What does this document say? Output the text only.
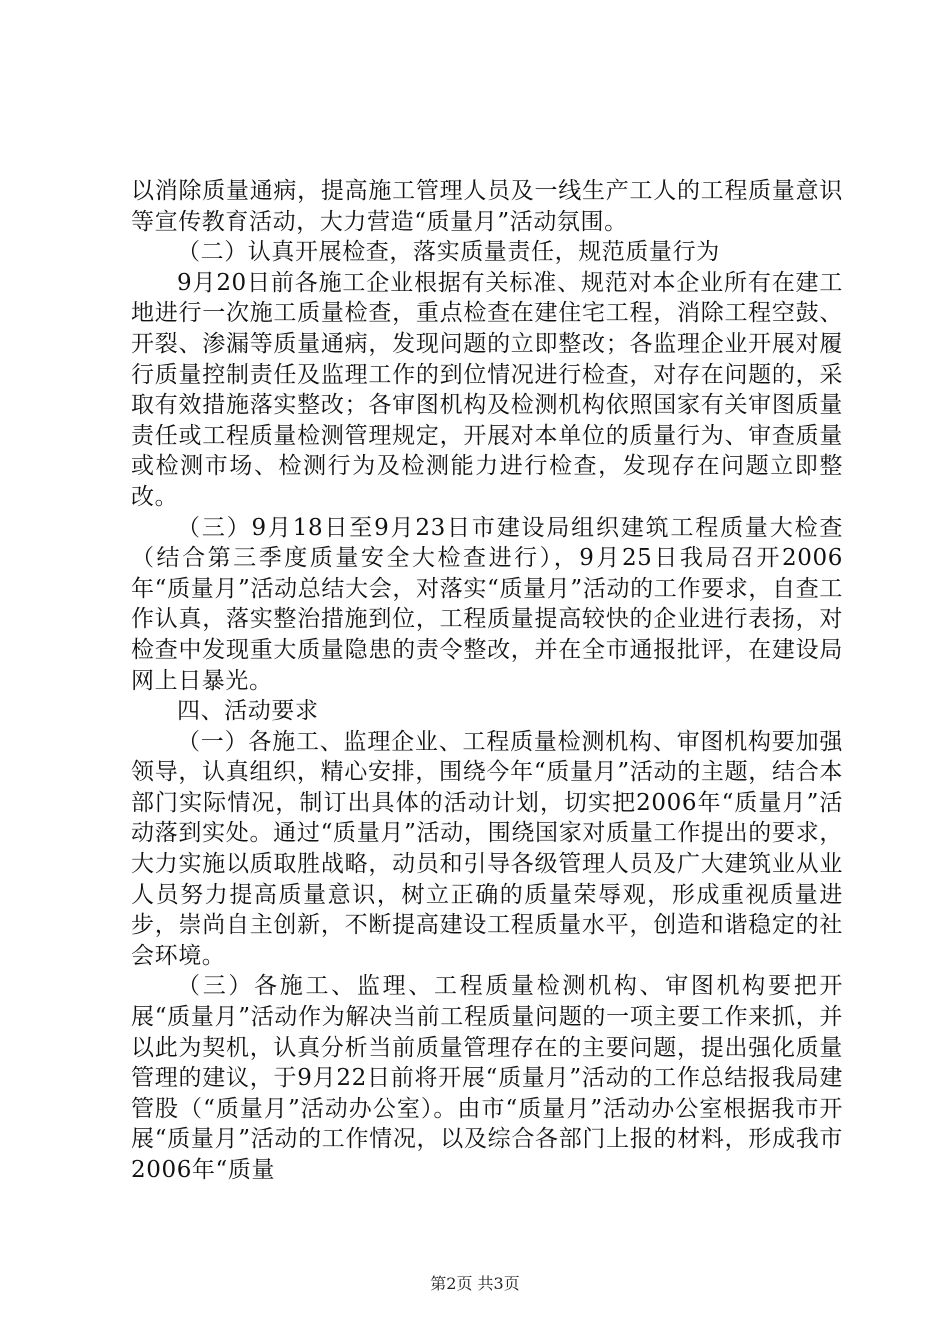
以消除质量通病，提高施工管理人员及一线生产工人的工程质量意识等宣传教育活动，大力营造“质量月”活动氛围。

（二）认真开展检查，落实质量责任，规范质量行为

9月20日前各施工企业根据有关标准、规范对本企业所有在建工地进行一次施工质量检查，重点检查在建住宅工程，消除工程空鼓、开裂、渗漏等质量通病，发现问题的立即整改；各监理企业开展对履行质量控制责任及监理工作的到位情况进行检查，对存在问题的，采取有效措施落实整改；各审图机构及检测机构依照国家有关审图质量责任或工程质量检测管理规定，开展对本单位的质量行为、审查质量或检测市场、检测行为及检测能力进行检查，发现存在问题立即整改。

（三）9月18日至9月23日市建设局组织建筑工程质量大检查（结合第三季度质量安全大检查进行），9月25日我局召开2006年“质量月”活动总结大会，对落实“质量月”活动的工作要求，自查工作认真，落实整治措施到位，工程质量提高较快的企业进行表扬，对检查中发现重大质量隐患的责令整改，并在全市通报批评，在建设局网上日暴光。

四、活动要求

（一）各施工、监理企业、工程质量检测机构、审图机构要加强领导，认真组织，精心安排，围绕今年“质量月”活动的主题，结合本部门实际情况，制订出具体的活动计划，切实把2006年“质量月”活动落到实处。通过“质量月”活动，围绕国家对质量工作提出的要求，大力实施以质取胜战略，动员和引导各级管理人员及广大建筑业从业人员努力提高质量意识，树立正确的质量荣辱观，形成重视质量进步，崇尚自主创新，不断提高建设工程质量水平，创造和谐稳定的社会环境。

（三）各施工、监理、工程质量检测机构、审图机构要把开展“质量月”活动作为解决当前工程质量问题的一项主要工作来抓，并以此为契机，认真分析当前质量管理存在的主要问题，提出强化质量管理的建议，于9月22日前将开展“质量月”活动的工作总结报我局建管股（“质量月”活动办公室）。由市“质量月”活动办公室根据我市开展“质量月”活动的工作情况，以及综合各部门上报的材料，形成我市2006年“质量

第2页 共3页
